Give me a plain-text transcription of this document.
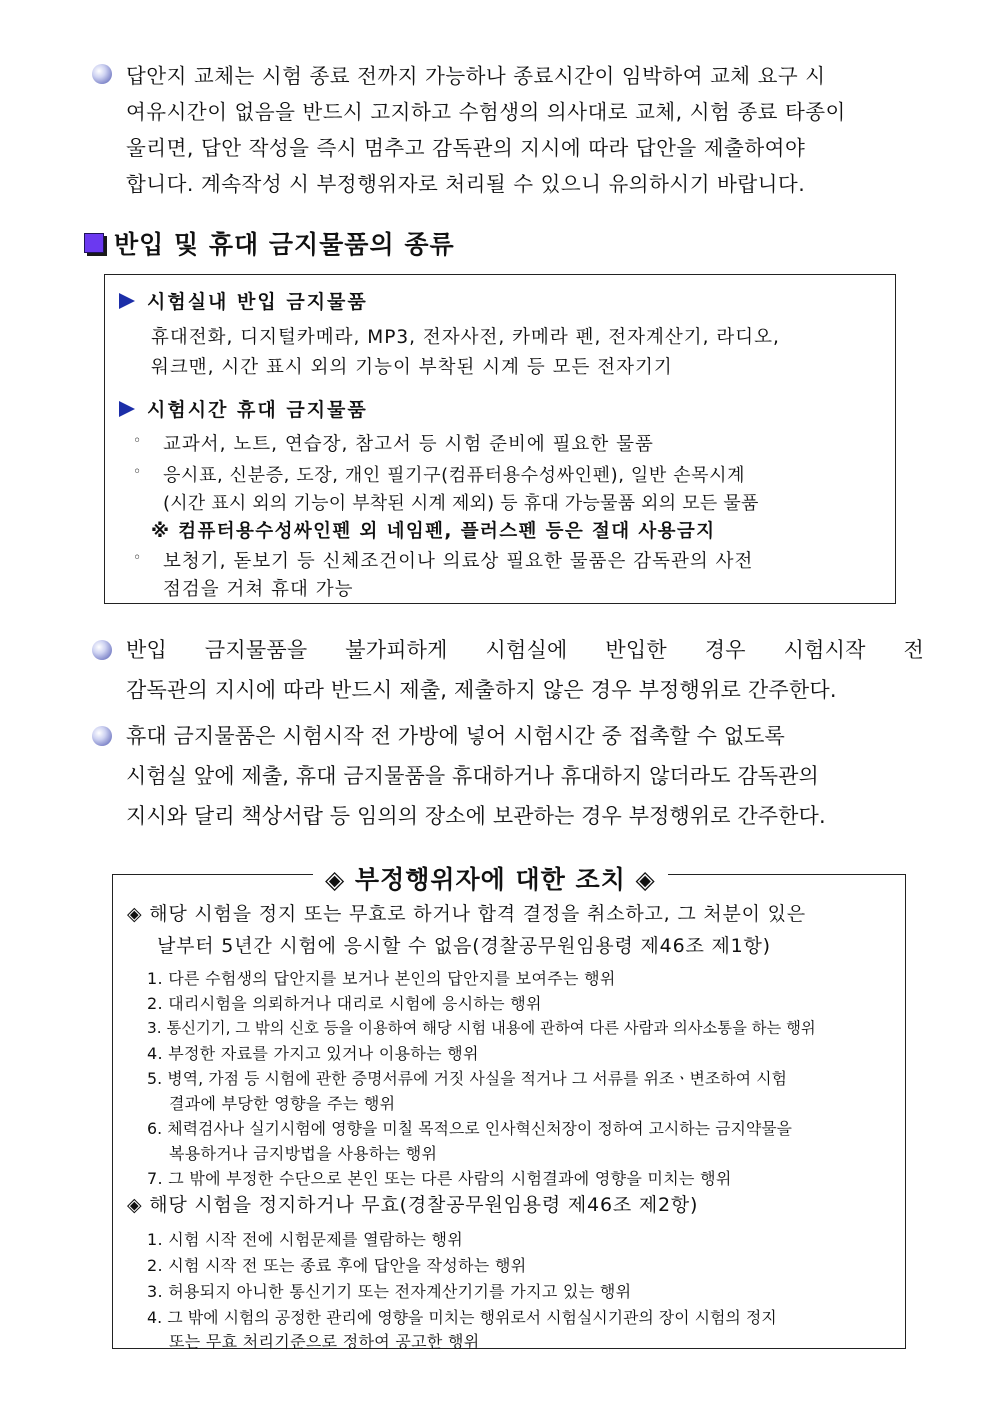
답안지 교체는 시험 종료 전까지 가능하나 종료시간이 임박하여 교체 요구 시
여유시간이 없음을 반드시 고지하고 수험생의 의사대로 교체, 시험 종료 타종이
울리면, 답안 작성을 즉시 멈추고 감독관의 지시에 따라 답안을 제출하여야
합니다. 계속작성 시 부정행위자로 처리될 수 있으니 유의하시기 바랍니다.
반입 및 휴대 금지물품의 종류
시험실내 반입 금지물품
휴대전화, 디지털카메라, MP3, 전자사전, 카메라 펜, 전자계산기, 라디오,
워크맨, 시간 표시 외의 기능이 부착된 시계 등 모든 전자기기
시험시간 휴대 금지물품
◦ 교과서, 노트, 연습장, 참고서 등 시험 준비에 필요한 물품
◦ 응시표, 신분증, 도장, 개인 필기구(컴퓨터용수성싸인펜), 일반 손목시계
(시간 표시 외의 기능이 부착된 시계 제외) 등 휴대 가능물품 외의 모든 물품
※ 컴퓨터용수성싸인펜 외 네임펜, 플러스펜 등은 절대 사용금지
◦ 보청기, 돋보기 등 신체조건이나 의료상 필요한 물품은 감독관의 사전
점검을 거쳐 휴대 가능
반입 금지물품을 불가피하게 시험실에 반입한 경우 시험시작 전
감독관의 지시에 따라 반드시 제출, 제출하지 않은 경우 부정행위로 간주한다.
휴대 금지물품은 시험시작 전 가방에 넣어 시험시간 중 접촉할 수 없도록
시험실 앞에 제출, 휴대 금지물품을 휴대하거나 휴대하지 않더라도 감독관의
지시와 달리 책상서랍 등 임의의 장소에 보관하는 경우 부정행위로 간주한다.
◈ 해당 시험을 정지 또는 무효로 하거나 합격 결정을 취소하고, 그 처분이 있은
날부터 5년간 시험에 응시할 수 없음(경찰공무원임용령 제46조 제1항)
1. 다른 수험생의 답안지를 보거나 본인의 답안지를 보여주는 행위
2. 대리시험을 의뢰하거나 대리로 시험에 응시하는 행위
3. 통신기기, 그 밖의 신호 등을 이용하여 해당 시험 내용에 관하여 다른 사람과 의사소통을 하는 행위
4. 부정한 자료를 가지고 있거나 이용하는 행위
5. 병역, 가점 등 시험에 관한 증명서류에 거짓 사실을 적거나 그 서류를 위조ㆍ변조하여 시험
결과에 부당한 영향을 주는 행위
6. 체력검사나 실기시험에 영향을 미칠 목적으로 인사혁신처장이 정하여 고시하는 금지약물을
복용하거나 금지방법을 사용하는 행위
7. 그 밖에 부정한 수단으로 본인 또는 다른 사람의 시험결과에 영향을 미치는 행위
◈ 해당 시험을 정지하거나 무효(경찰공무원임용령 제46조 제2항)
1. 시험 시작 전에 시험문제를 열람하는 행위
2. 시험 시작 전 또는 종료 후에 답안을 작성하는 행위
3. 허용되지 아니한 통신기기 또는 전자계산기기를 가지고 있는 행위
4. 그 밖에 시험의 공정한 관리에 영향을 미치는 행위로서 시험실시기관의 장이 시험의 정지
또는 무효 처리기준으로 정하여 공고한 행위
◈ 부정행위자에 대한 조치 ◈
